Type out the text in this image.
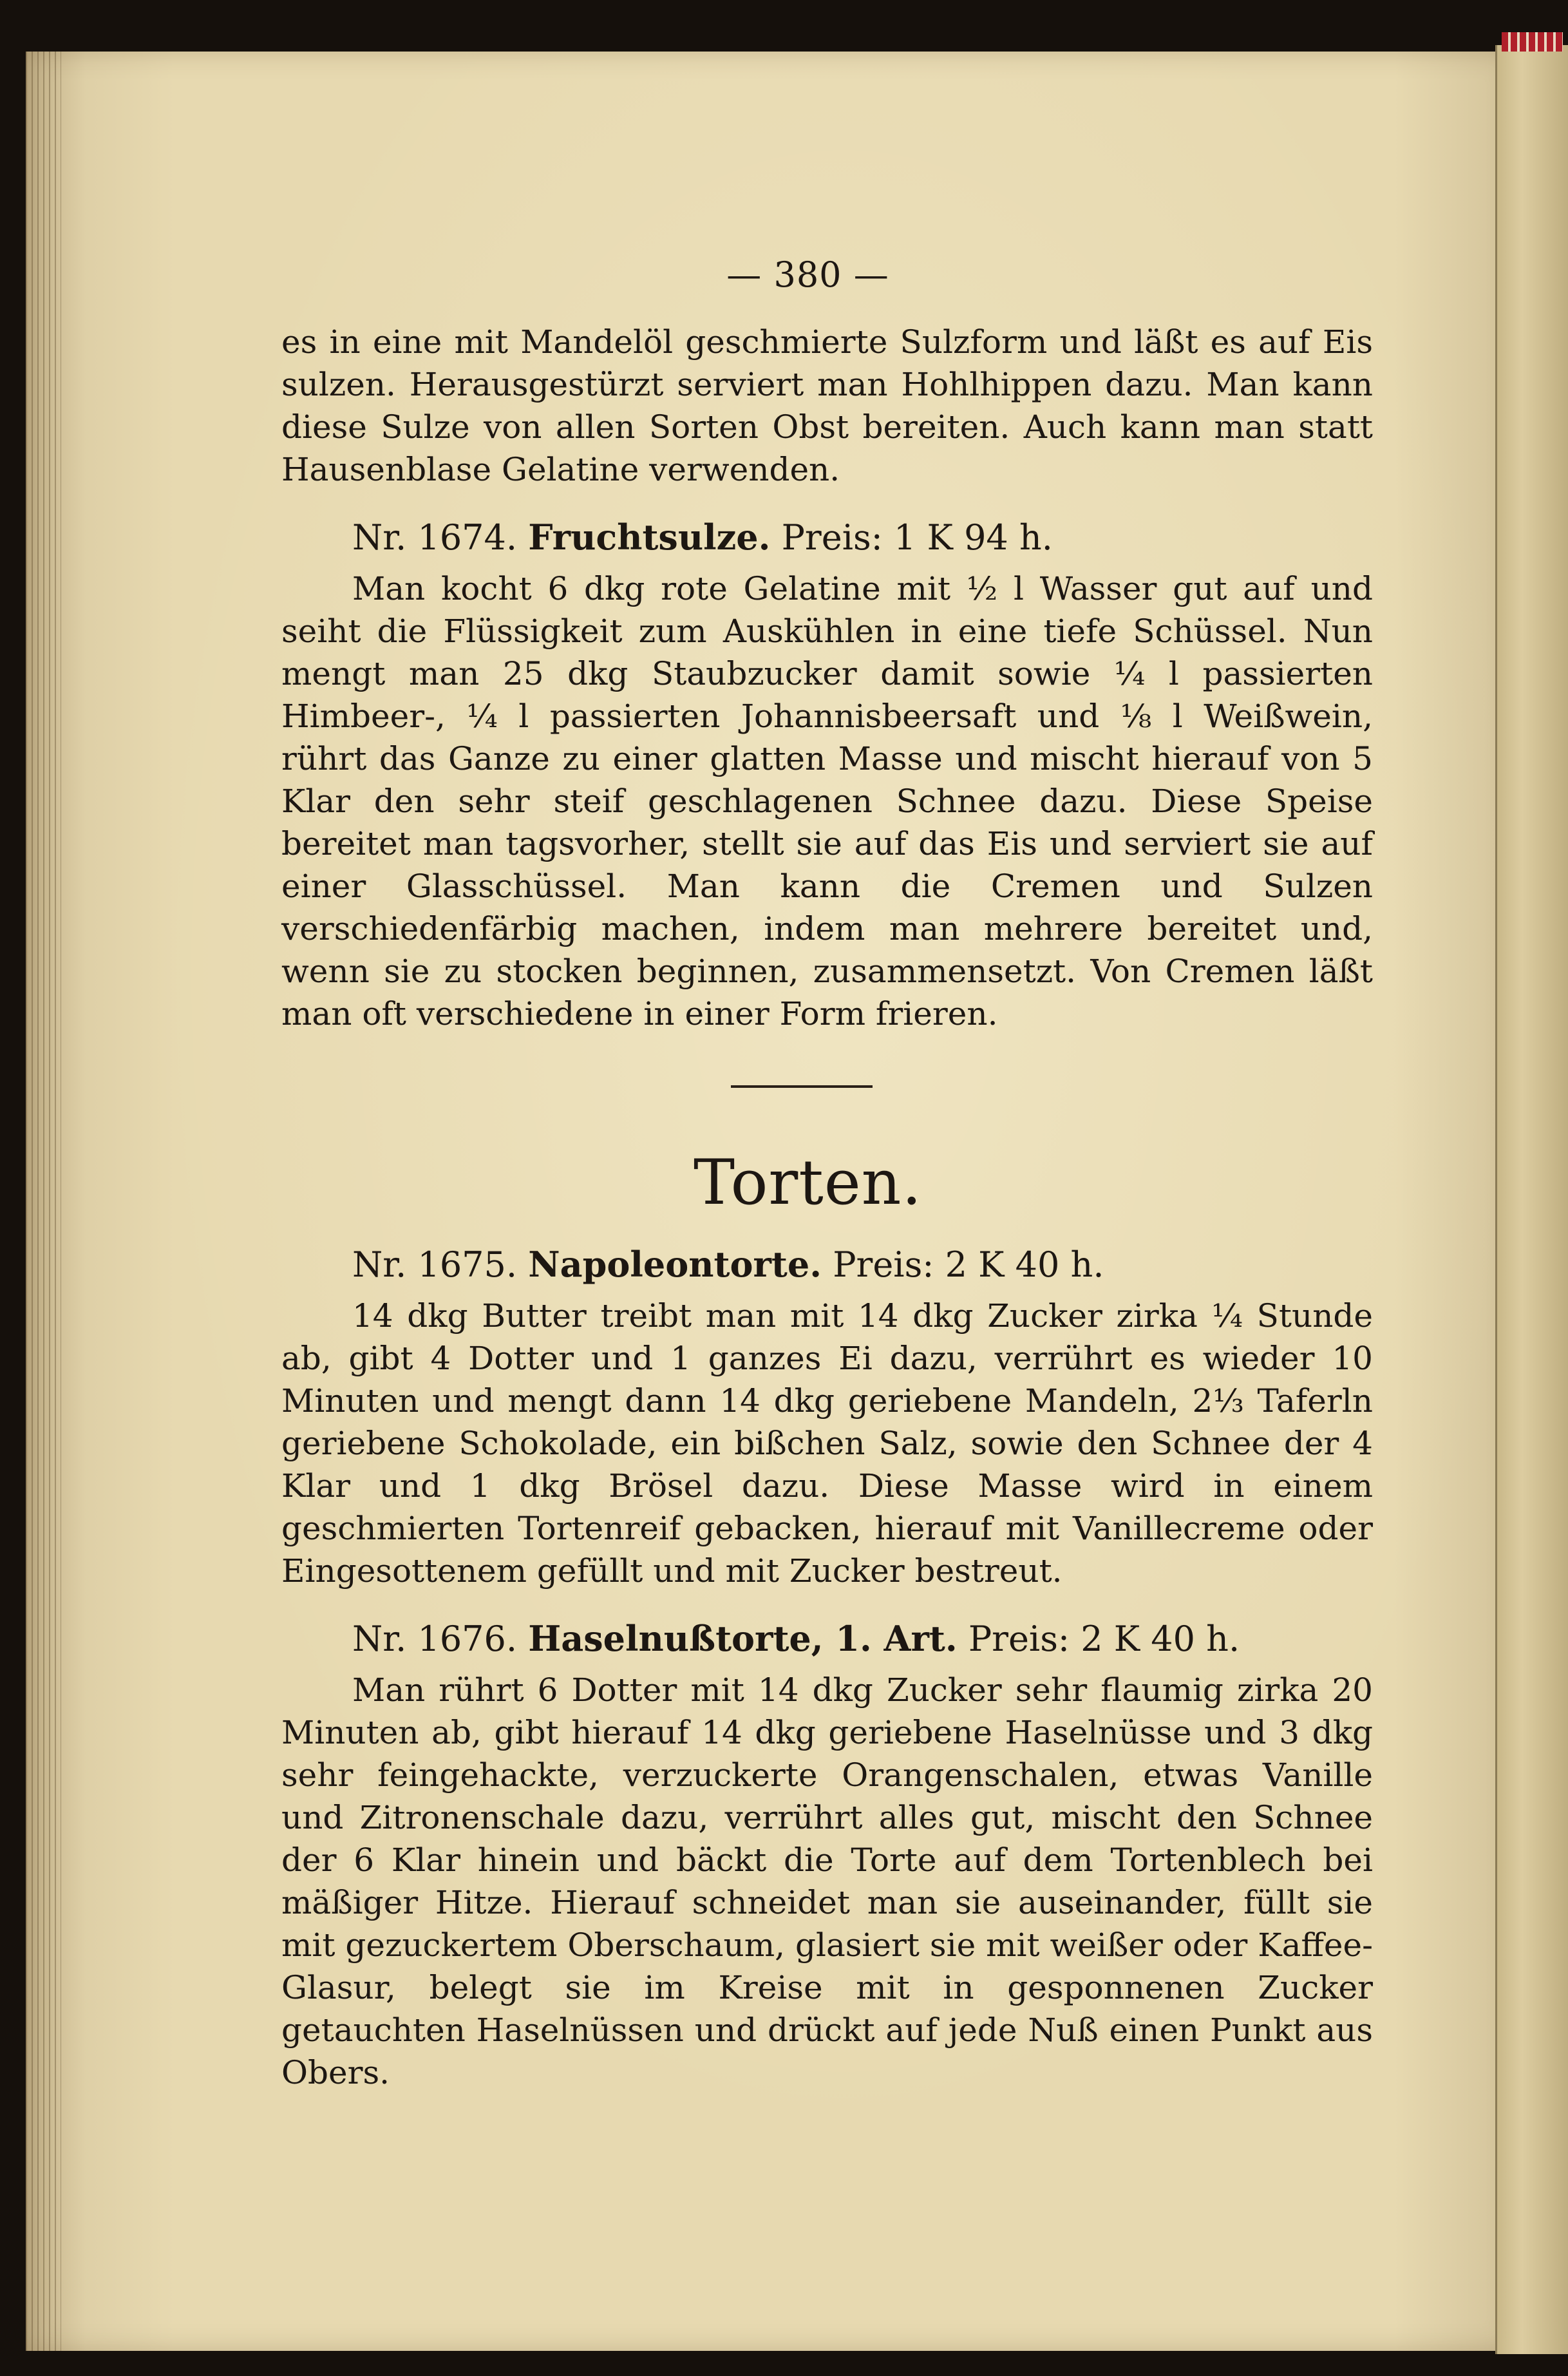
— 380 —

es in eine mit Mandelöl geschmierte Sulzform und läßt es auf Eis sulzen. Herausgestürzt serviert man Hohlhippen dazu. Man kann diese Sulze von allen Sorten Obst bereiten. Auch kann man statt Hausenblase Gelatine verwenden.

Nr. 1674. Fruchtsulze. Preis: 1 K 94 h.

Man kocht 6 dkg rote Gelatine mit ½ l Wasser gut auf und seiht die Flüssigkeit zum Auskühlen in eine tiefe Schüssel. Nun mengt man 25 dkg Staubzucker damit sowie ¼ l passierten Himbeer-, ¼ l passierten Johannisbeersaft und ⅛ l Weißwein, rührt das Ganze zu einer glatten Masse und mischt hierauf von 5 Klar den sehr steif geschlagenen Schnee dazu. Diese Speise bereitet man tagsvorher, stellt sie auf das Eis und serviert sie auf einer Glasschüssel. Man kann die Cremen und Sulzen verschiedenfärbig machen, indem man mehrere bereitet und, wenn sie zu stocken beginnen, zusammensetzt. Von Cremen läßt man oft verschiedene in einer Form frieren.

Torten.
Nr. 1675. Napoleontorte. Preis: 2 K 40 h.

14 dkg Butter treibt man mit 14 dkg Zucker zirka ¼ Stunde ab, gibt 4 Dotter und 1 ganzes Ei dazu, verrührt es wieder 10 Minuten und mengt dann 14 dkg geriebene Mandeln, 2⅓ Taferln geriebene Schokolade, ein bißchen Salz, sowie den Schnee der 4 Klar und 1 dkg Brösel dazu. Diese Masse wird in einem geschmierten Tortenreif gebacken, hierauf mit Vanillecreme oder Eingesottenem gefüllt und mit Zucker bestreut.

Nr. 1676. Haselnußtorte, 1. Art. Preis: 2 K 40 h.

Man rührt 6 Dotter mit 14 dkg Zucker sehr flaumig zirka 20 Minuten ab, gibt hierauf 14 dkg geriebene Haselnüsse und 3 dkg sehr feingehackte, verzuckerte Orangenschalen, etwas Vanille und Zitronenschale dazu, verrührt alles gut, mischt den Schnee der 6 Klar hinein und bäckt die Torte auf dem Tortenblech bei mäßiger Hitze. Hierauf schneidet man sie auseinander, füllt sie mit gezuckertem Oberschaum, glasiert sie mit weißer oder Kaffee-Glasur, belegt sie im Kreise mit in gesponnenen Zucker getauchten Haselnüssen und drückt auf jede Nuß einen Punkt aus Obers.
